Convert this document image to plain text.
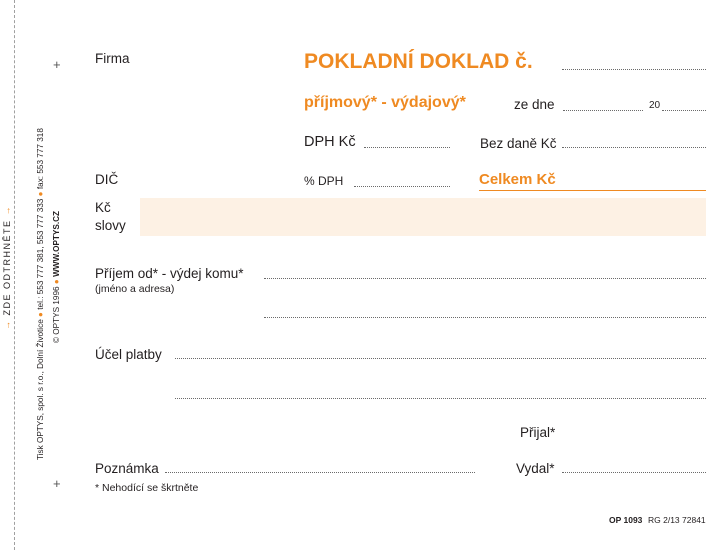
→ ZDE ODTRHNĚTE →
Tisk OPTYS, spol. s r.o., Dolní Životice ● tel.: 553 777 381, 553 777 333 ● fax: 553 777 318
© OPTYS 1996 ● WWW.OPTYS.CZ
+
+
Firma	POKLADNÍ DOKLAD č.
příjmový* - výdajový*	ze dne	20
DPH Kč	Bez daně Kč
DIČ	% DPH	Celkem Kč
Kč
slovy
Příjem od* - výdej komu*
(jméno a adresa)
Účel platby
Přijal*
Poznámka	Vydal*
* Nehodící se škrtněte
OP 1093 RG 2/13 72841
